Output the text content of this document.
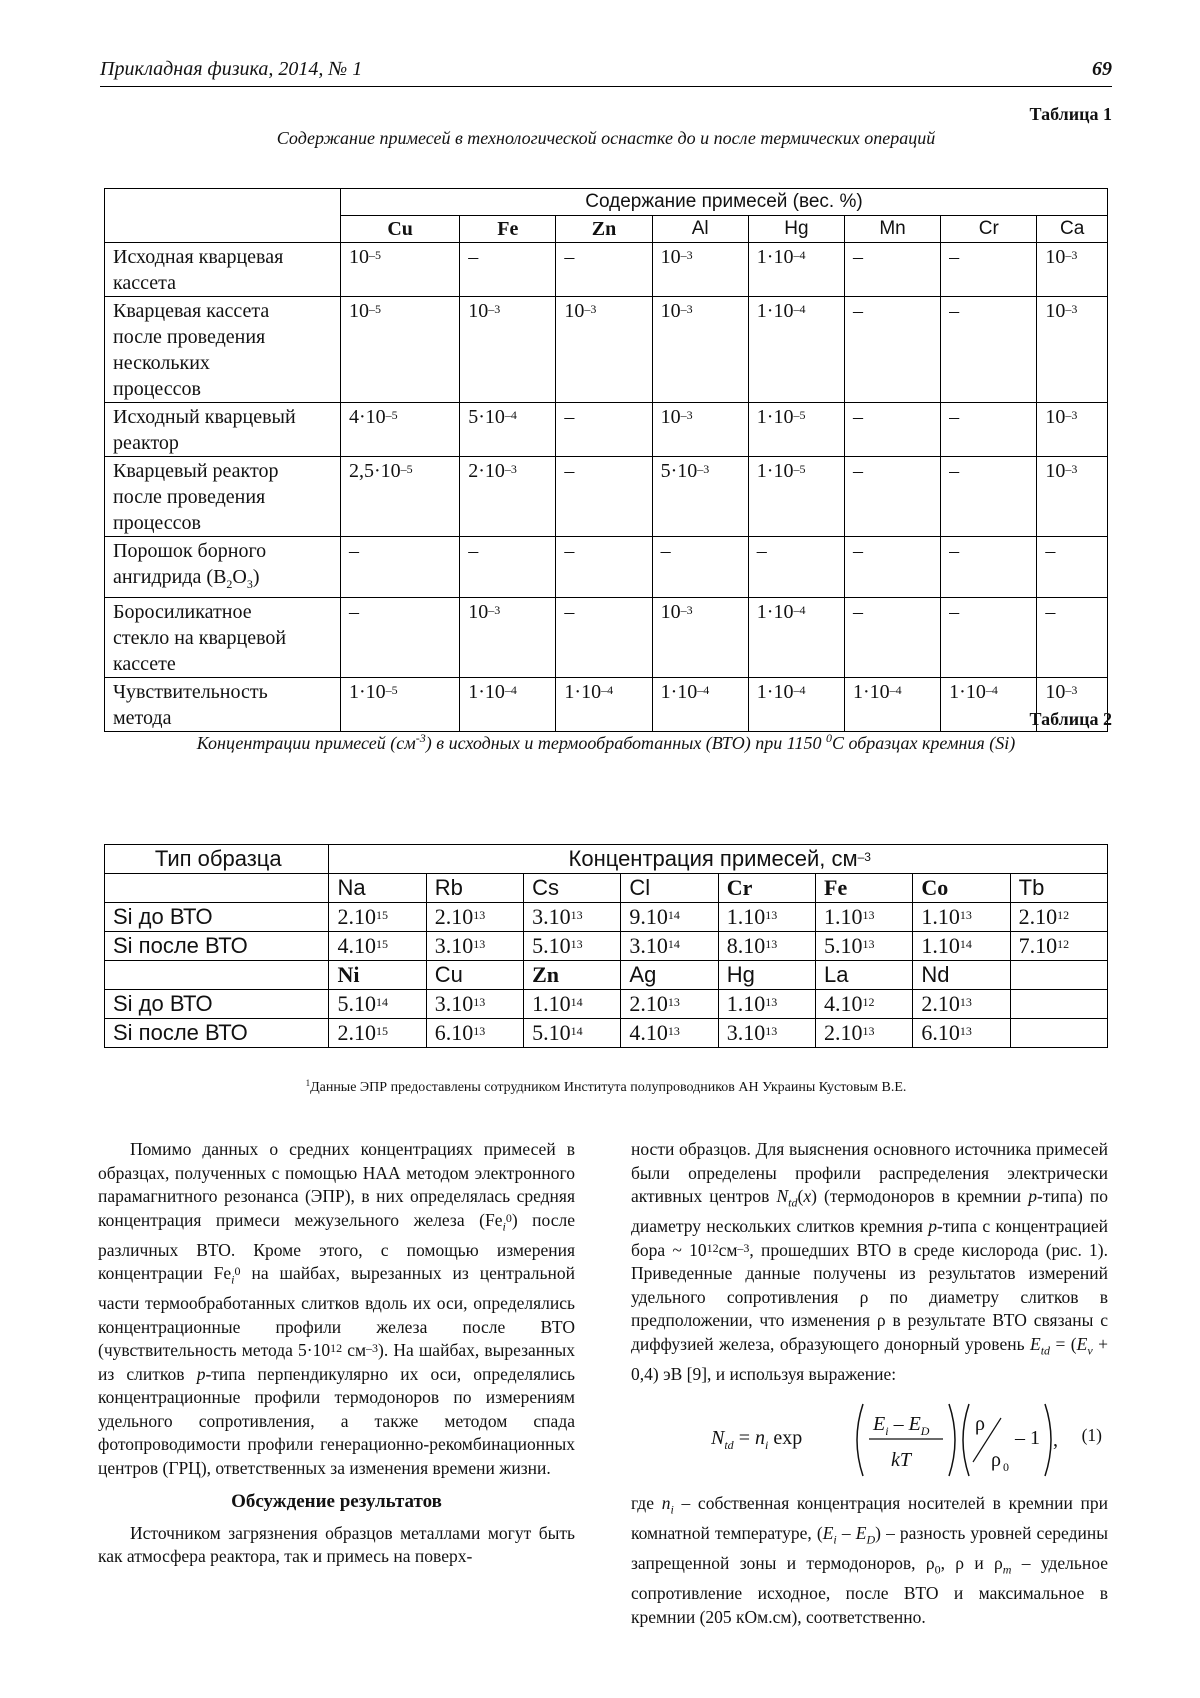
Прикладная физика, 2014, № 1	69
Таблица 1
Содержание примесей в технологической оснастке до и после термических операций
	Содержание примесей (вес. %)							
	Cu	Fe	Zn	Al	Hg	Mn	Cr	Ca

Исходная кварцевая
кассета	$10^{-5}$	–	–	$10^{-3}$	$1\cdot 10^{-4}$	–	–	$10^{-3}$

Кварцевая кассета
после проведения
нескольких
процессов	$10^{-5}$	$10^{-3}$	$10^{-3}$	$10^{-3}$	$1\cdot 10^{-4}$	–	–	$10^{-3}$

Исходный кварцевый
реактор	$4\cdot 10^{-5}$	$5\cdot 10^{-4}$	–	$10^{-3}$	$1\cdot 10^{-5}$	–	–	$10^{-3}$

Кварцевый реактор
после проведения
процессов	$2,5\cdot 10^{-5}$	$2\cdot 10^{-3}$	–	$5\cdot 10^{-3}$	$1\cdot 10^{-5}$	–	–	$10^{-3}$

Порошок борного
ангидрида $(B_2O_3)$	–	–	–	–	–	–	–	–

Боросиликатное
стекло на кварцевой
кассете	–	$10^{-3}$	–	$10^{-3}$	$1\cdot 10^{-4}$	–	–	–

Чувствительность
метода	$1\cdot 10^{-5}$	$1\cdot 10^{-4}$	$1\cdot 10^{-4}$	$1\cdot 10^{-4}$	$1\cdot 10^{-4}$	$1\cdot 10^{-4}$	$1\cdot 10^{-4}$	$10^{-3}$
Таблица 2
Концентрации примесей $(см^{-3})$ в исходных и термообработанных (ВТО) при 1150 $^0$С образцах кремния (Si)
Тип образца	Концентрация примесей, $см^{-3}$
	Na	Rb	Cs	Cl	Cr	Fe	Co	Tb
Si до ВТО	2.10$^{15}$	2.10$^{13}$	3.10$^{13}$	9.10$^{14}$	1.10$^{13}$	1.10$^{13}$	1.10$^{13}$	2.10$^{12}$
Si после ВТО	4.10$^{15}$	3.10$^{13}$	5.10$^{13}$	3.10$^{14}$	8.10$^{13}$	5.10$^{13}$	1.10$^{14}$	7.10$^{12}$
	Ni	Cu	Zn	Ag	Hg	La	Nd	
Si до ВТО	5.10$^{14}$	3.10$^{13}$	1.10$^{14}$	2.10$^{13}$	1.10$^{13}$	4.10$^{12}$	2.10$^{13}$	
Si после ВТО	2.10$^{15}$	6.10$^{13}$	5.10$^{14}$	4.10$^{13}$	3.10$^{13}$	2.10$^{13}$	6.10$^{13}$	
$^1$Данные ЭПР предоставлены сотрудником Института полупроводников АН Украины Кустовым В.Е.

Помимо данных о средних концентрациях примесей в образцах, полученных с помощью НАА методом электронного парамагнитного резонанса (ЭПР), в них определялась средняя концентрация примеси межузельного железа $(Fe_i^0)$ после различных ВТО. Кроме этого, с помощью измерения концентрации $Fe_i^0$ на шайбах, вырезанных из центральной части термообработанных слитков вдоль их оси, определялись концентрационные профили железа после ВТО (чувствительность метода $5\cdot 10^{12}$ $см^{-3}$). На шайбах, вырезанных из слитков p-типа перпендикулярно их оси, определялись концентрационные профили термодоноров по измерениям удельного сопротивления, а также методом спада фотопроводимости профили генерационно-рекомбинационных центров (ГРЦ), ответственных за изменения времени жизни.

Обсуждение результатов

Источником загрязнения образцов металлами могут быть как атмосфера реактора, так и примесь на поверх-

ности образцов. Для выяснения основного источника примесей были определены профили распределения электрически активных центров $N_{td}(x)$ (термодоноров в кремнии p-типа) по диаметру нескольких слитков кремния p-типа с концентрацией бора ~ $10^{12}см^{-3}$, прошедших ВТО в среде кислорода (рис. 1). Приведенные данные получены из результатов измерений удельного сопротивления ρ по диаметру слитков в предположении, что изменения ρ в результате ВТО связаны с диффузией железа, образующего донорный уровень $E_{td} = (E_v + 0,4)$ эВ [9], и используя выражение:

$N_{td} = n_i$ exp
$E_i - E_D$
kT
ρ
ρ 0
– 1 , (1)

где $n_i$ – собственная концентрация носителей в кремнии при комнатной температуре, $(E_i - E_D)$ – разность уровней середины запрещенной зоны и термодоноров, $\rho_0$, ρ и $\rho_m$ – удельное сопротивление исходное, после ВТО и максимальное в кремнии (205 кОм.см), соответственно.
